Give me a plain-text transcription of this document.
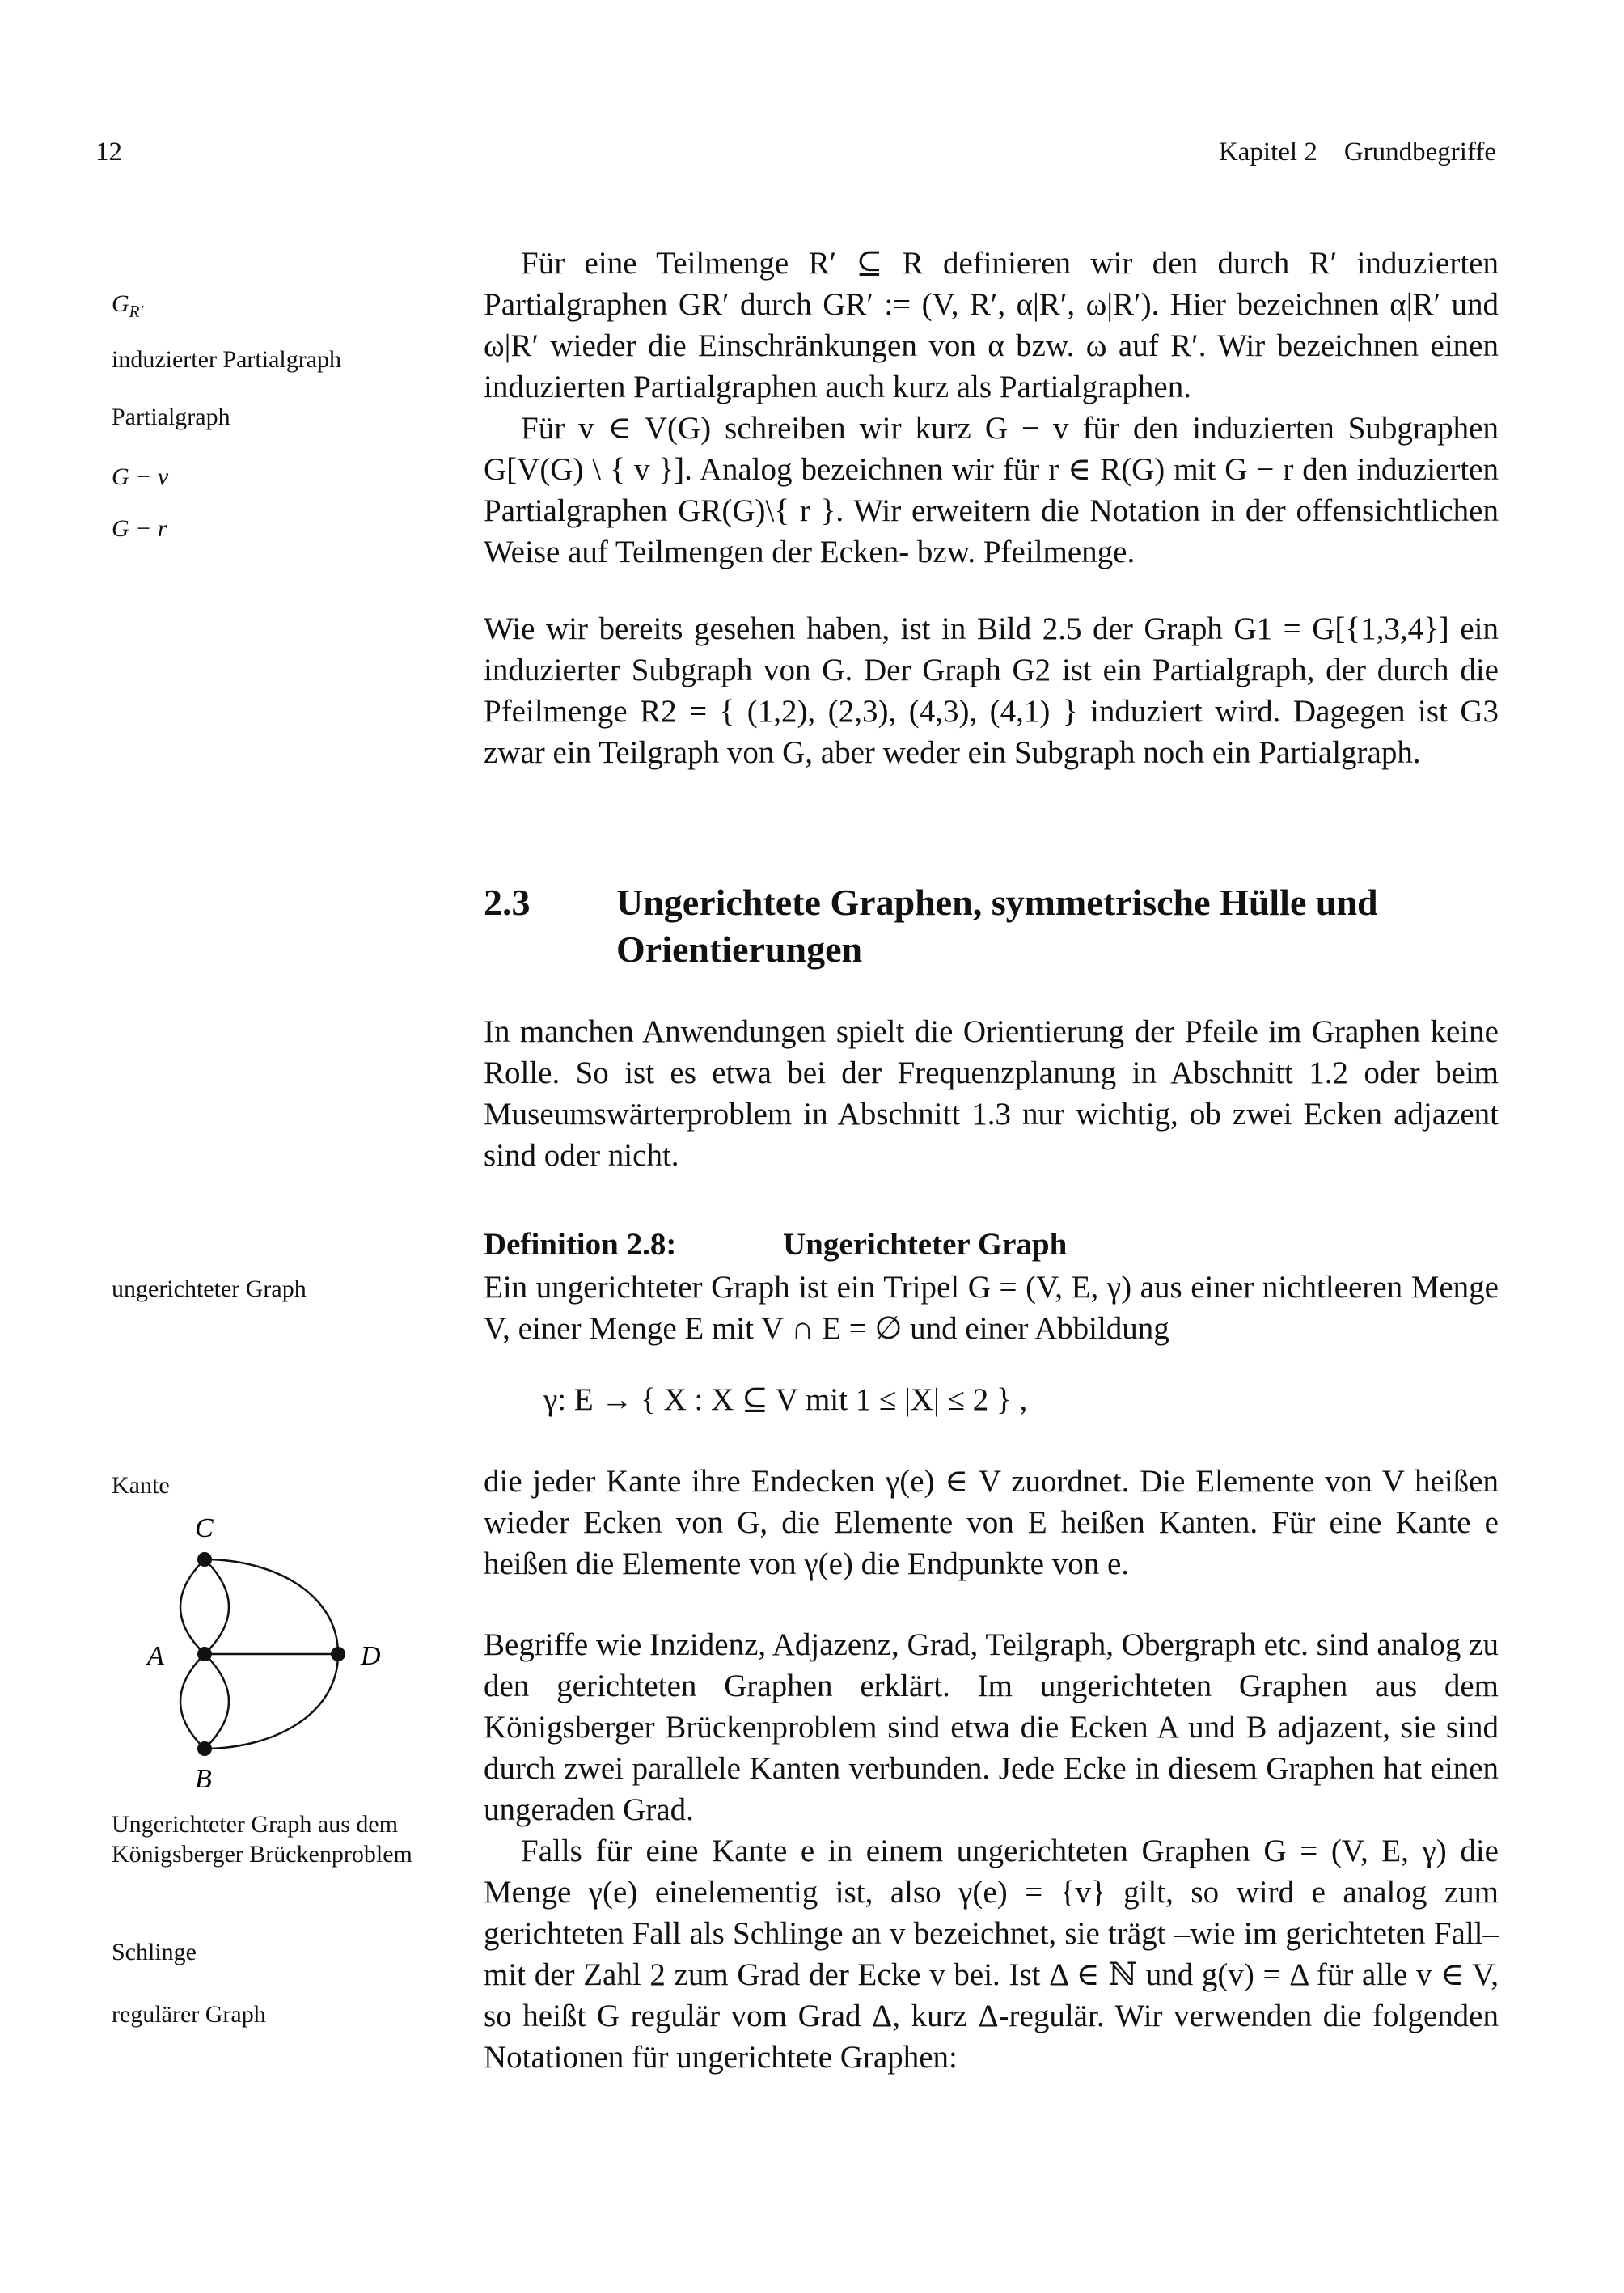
12	Kapitel 2 Grundbegriffe
$G_{R'}$
induzierter Partialgraph
Partialgraph
G − v
G − r
ungerichteter Graph
Kante
Ungerichteter Graph aus dem Königsberger Brückenproblem
Schlinge
regulärer Graph
C
A	D
B

Für eine Teilmenge R′ ⊆ R definieren wir den durch R′ induzierten Partialgraphen GR′ durch GR′ := (V, R′, α|R′, ω|R′). Hier bezeichnen α|R′ und ω|R′ wieder die Einschränkungen von α bzw. ω auf R′. Wir bezeichnen einen induzierten Partialgraphen auch kurz als Partialgraphen.

Für v ∈ V(G) schreiben wir kurz G − v für den induzierten Subgraphen G[V(G) \ { v }]. Analog bezeichnen wir für r ∈ R(G) mit G − r den induzierten Partialgraphen GR(G)\{ r }. Wir erweitern die Notation in der offensichtlichen Weise auf Teilmengen der Ecken- bzw. Pfeilmenge.

Wie wir bereits gesehen haben, ist in Bild 2.5 der Graph G1 = G[{1,3,4}] ein induzierter Subgraph von G. Der Graph G2 ist ein Partialgraph, der durch die Pfeilmenge R2 = { (1,2), (2,3), (4,3), (4,1) } induziert wird. Dagegen ist G3 zwar ein Teilgraph von G, aber weder ein Subgraph noch ein Partialgraph.
2.3 Ungerichtete Graphen, symmetrische Hülle und Orientierungen
In manchen Anwendungen spielt die Orientierung der Pfeile im Graphen keine Rolle. So ist es etwa bei der Frequenzplanung in Abschnitt 1.2 oder beim Museumswärterproblem in Abschnitt 1.3 nur wichtig, ob zwei Ecken adjazent sind oder nicht.
Definition 2.8:	Ungerichteter Graph
Ein ungerichteter Graph ist ein Tripel G = (V, E, γ) aus einer nichtleeren Menge V, einer Menge E mit V ∩ E = ∅ und einer Abbildung
γ: E → { X : X ⊆ V mit 1 ≤ |X| ≤ 2 } ,
die jeder Kante ihre Endecken γ(e) ∈ V zuordnet. Die Elemente von V heißen wieder Ecken von G, die Elemente von E heißen Kanten. Für eine Kante e heißen die Elemente von γ(e) die Endpunkte von e.

Begriffe wie Inzidenz, Adjazenz, Grad, Teilgraph, Obergraph etc. sind analog zu den gerichteten Graphen erklärt. Im ungerichteten Graphen aus dem Königsberger Brückenproblem sind etwa die Ecken A und B adjazent, sie sind durch zwei parallele Kanten verbunden. Jede Ecke in diesem Graphen hat einen ungeraden Grad.

Falls für eine Kante e in einem ungerichteten Graphen G = (V, E, γ) die Menge γ(e) einelementig ist, also γ(e) = {v} gilt, so wird e analog zum gerichteten Fall als Schlinge an v bezeichnet, sie trägt –wie im gerichteten Fall– mit der Zahl 2 zum Grad der Ecke v bei. Ist Δ ∈ ℕ und g(v) = Δ für alle v ∈ V, so heißt G regulär vom Grad Δ, kurz Δ-regulär. Wir verwenden die folgenden Notationen für ungerichtete Graphen:
